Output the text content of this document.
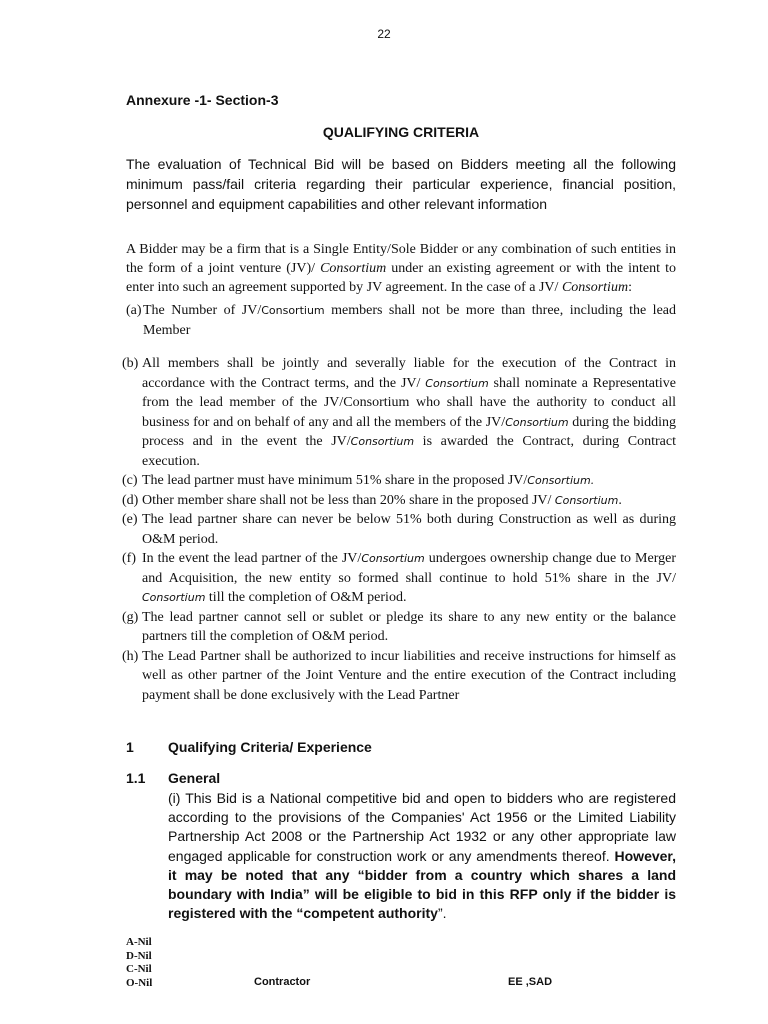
22
Annexure -1- Section-3
QUALIFYING CRITERIA
The evaluation of Technical Bid will be based on Bidders meeting all the following minimum pass/fail criteria regarding their particular experience, financial position, personnel and equipment capabilities and other relevant information
A Bidder may be a firm that is a Single Entity/Sole Bidder or any combination of such entities in the form of a joint venture (JV)/ Consortium under an existing agreement or with the intent to enter into such an agreement supported by JV agreement. In the case of a JV/ Consortium:
(a) The Number of JV/Consortium members shall not be more than three, including the lead Member
(b) All members shall be jointly and severally liable for the execution of the Contract in accordance with the Contract terms, and the JV/ Consortium shall nominate a Representative from the lead member of the JV/Consortium who shall have the authority to conduct all business for and on behalf of any and all the members of the JV/Consortium during the bidding process and in the event the JV/Consortium is awarded the Contract, during Contract execution.
(c) The lead partner must have minimum 51% share in the proposed JV/Consortium.
(d) Other member share shall not be less than 20% share in the proposed JV/ Consortium.
(e) The lead partner share can never be below 51% both during Construction as well as during O&M period.
(f) In the event the lead partner of the JV/Consortium undergoes ownership change due to Merger and Acquisition, the new entity so formed shall continue to hold 51% share in the JV/ Consortium till the completion of O&M period.
(g) The lead partner cannot sell or sublet or pledge its share to any new entity or the balance partners till the completion of O&M period.
(h) The Lead Partner shall be authorized to incur liabilities and receive instructions for himself as well as other partner of the Joint Venture and the entire execution of the Contract including payment shall be done exclusively with the Lead Partner
1 Qualifying Criteria/ Experience
1.1 General
(i) This Bid is a National competitive bid and open to bidders who are registered according to the provisions of the Companies' Act 1956 or the Limited Liability Partnership Act 2008 or the Partnership Act 1932 or any other appropriate law engaged applicable for construction work or any amendments thereof. However, it may be noted that any “bidder from a country which shares a land boundary with India” will be eligible to bid in this RFP only if the bidder is registered with the “competent authority”.
A-Nil
D-Nil
C-Nil
O-Nil	Contractor	EE ,SAD
